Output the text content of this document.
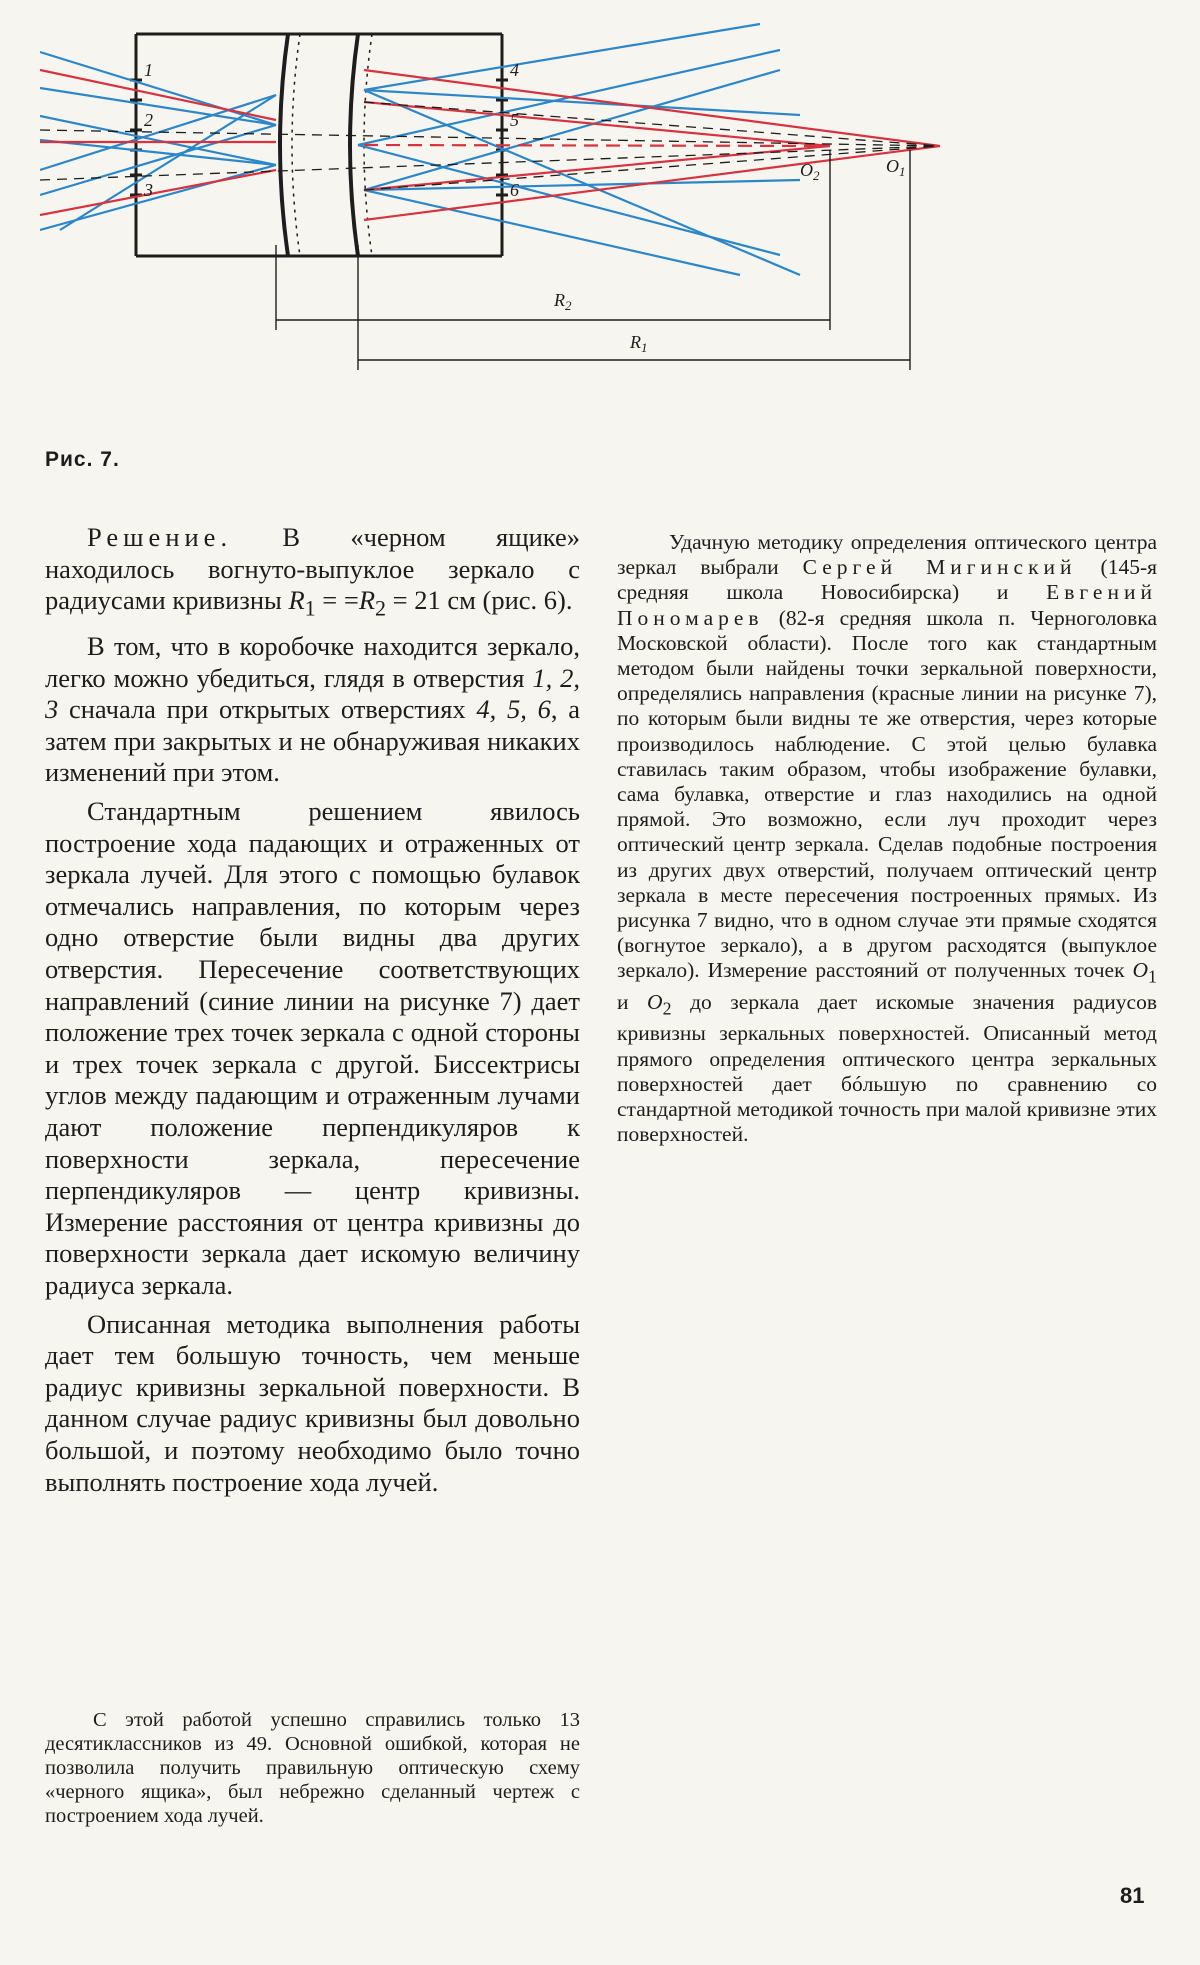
1
2
3
4
5
6
$O_1$
$O_2$
$R_2$
$R_1$
Рис. 7.

Решение. В «черном ящике» находилось вогнуто-выпуклое зеркало с радиусами кривизны $R_1 = =R_2 = 21$ см (рис. 6).

В том, что в коробочке находится зеркало, легко можно убедиться, глядя в отверстия 1, 2, 3 сначала при открытых отверстиях 4, 5, 6, а затем при закрытых и не обнаруживая никаких изменений при этом.

Стандартным решением явилось построение хода падающих и отраженных от зеркала лучей. Для этого с помощью булавок отмечались направления, по которым через одно отверстие были видны два других отверстия. Пересечение соответствующих направлений (синие линии на рисунке 7) дает положение трех точек зеркала с одной стороны и трех точек зеркала с другой. Биссектрисы углов между падающим и отраженным лучами дают положение перпендикуляров к поверхности зеркала, пересечение перпендикуляров — центр кривизны. Измерение расстояния от центра кривизны до поверхности зеркала дает искомую величину радиуса зеркала.

Описанная методика выполнения работы дает тем большую точность, чем меньше радиус кривизны зеркальной поверхности. В данном случае радиус кривизны был довольно большой, и поэтому необходимо было точно выполнять построение хода лучей.

С этой работой успешно справились только 13 десятиклассников из 49. Основной ошибкой, которая не позволила получить правильную оптическую схему «черного ящика», был небрежно сделанный чертеж с построением хода лучей.

Удачную методику определения оптического центра зеркал выбрали Сергей Мигинский (145-я средняя школа Новосибирска) и Евгений Пономарев (82-я средняя школа п. Черноголовка Московской области). После того как стандартным методом были найдены точки зеркальной поверхности, определялись направления (красные линии на рисунке 7), по которым были видны те же отверстия, через которые производилось наблюдение. С этой целью булавка ставилась таким образом, чтобы изображение булавки, сама булавка, отверстие и глаз находились на одной прямой. Это возможно, если луч проходит через оптический центр зеркала. Сделав подобные построения из других двух отверстий, получаем оптический центр зеркала в месте пересечения построенных прямых. Из рисунка 7 видно, что в одном случае эти прямые сходятся (вогнутое зеркало), а в другом расходятся (выпуклое зеркало). Измерение расстояний от полученных точек $O_1$ и $O_2$ до зеркала дает искомые значения радиусов кривизны зеркальных поверхностей. Описанный метод прямого определения оптического центра зеркальных поверхностей дает бóльшую по сравнению со стандартной методикой точность при малой кривизне этих поверхностей.

81
